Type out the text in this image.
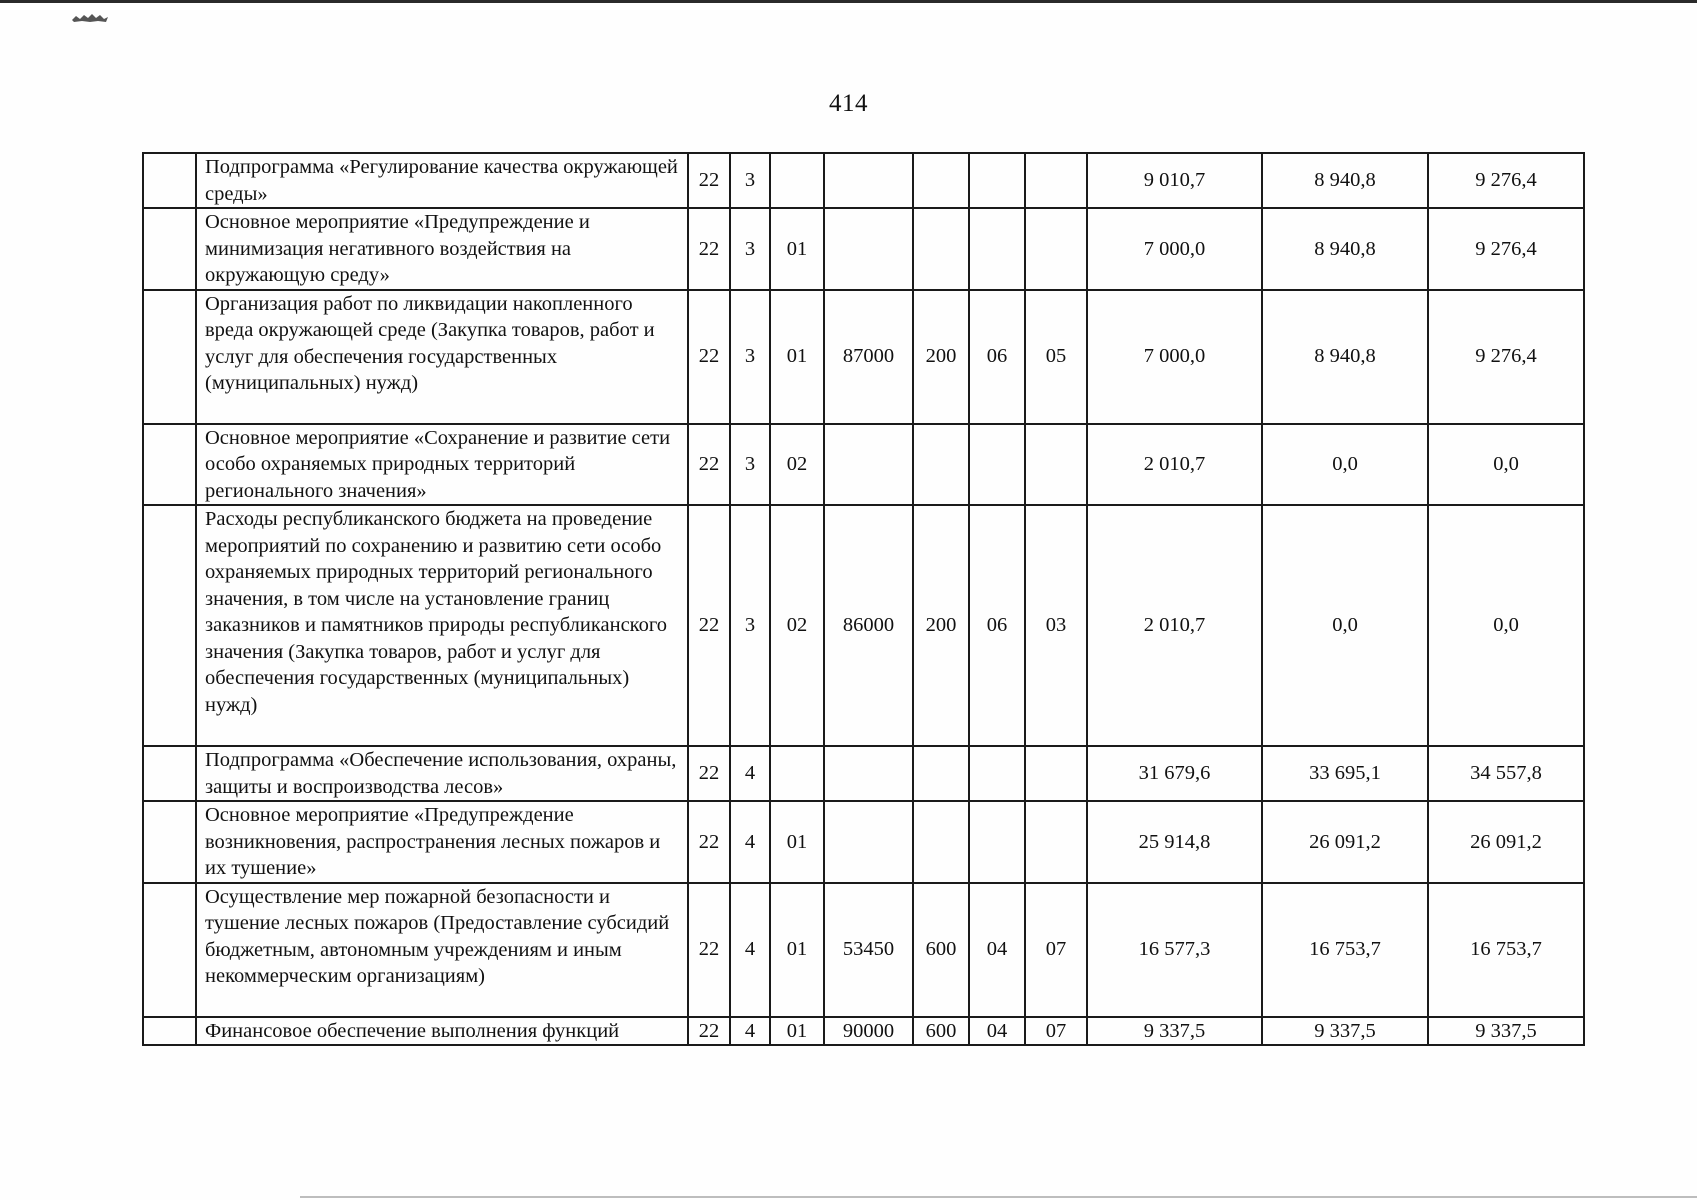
414
	Подпрограмма «Регулирование качества окружающей среды»	22	3						9 010,7	8 940,8	9 276,4
	Основное мероприятие «Предупреждение и минимизация негативного воздействия на окружающую среду»	22	3	01					7 000,0	8 940,8	9 276,4
	Организация работ по ликвидации накопленного вреда окружающей среде (Закупка товаров, работ и услуг для обеспечения государственных (муниципальных) нужд)	22	3	01	87000	200	06	05	7 000,0	8 940,8	9 276,4
	Основное мероприятие «Сохранение и развитие сети особо охраняемых природных территорий регионального значения»	22	3	02					2 010,7	0,0	0,0
	Расходы республиканского бюджета на проведение мероприятий по сохранению и развитию сети особо охраняемых природных территорий регионального значения, в том числе на установление границ заказников и памятников природы республиканского значения (Закупка товаров, работ и услуг для обеспечения государственных (муниципальных) нужд)	22	3	02	86000	200	06	03	2 010,7	0,0	0,0
	Подпрограмма «Обеспечение использования, охраны, защиты и воспроизводства лесов»	22	4						31 679,6	33 695,1	34 557,8
	Основное мероприятие «Предупреждение возникновения, распространения лесных пожаров и их тушение»	22	4	01					25 914,8	26 091,2	26 091,2
	Осуществление мер пожарной безопасности и тушение лесных пожаров (Предоставление субсидий бюджетным, автономным учреждениям и иным некоммерческим организациям)	22	4	01	53450	600	04	07	16 577,3	16 753,7	16 753,7
	Финансовое обеспечение выполнения функций	22	4	01	90000	600	04	07	9 337,5	9 337,5	9 337,5
